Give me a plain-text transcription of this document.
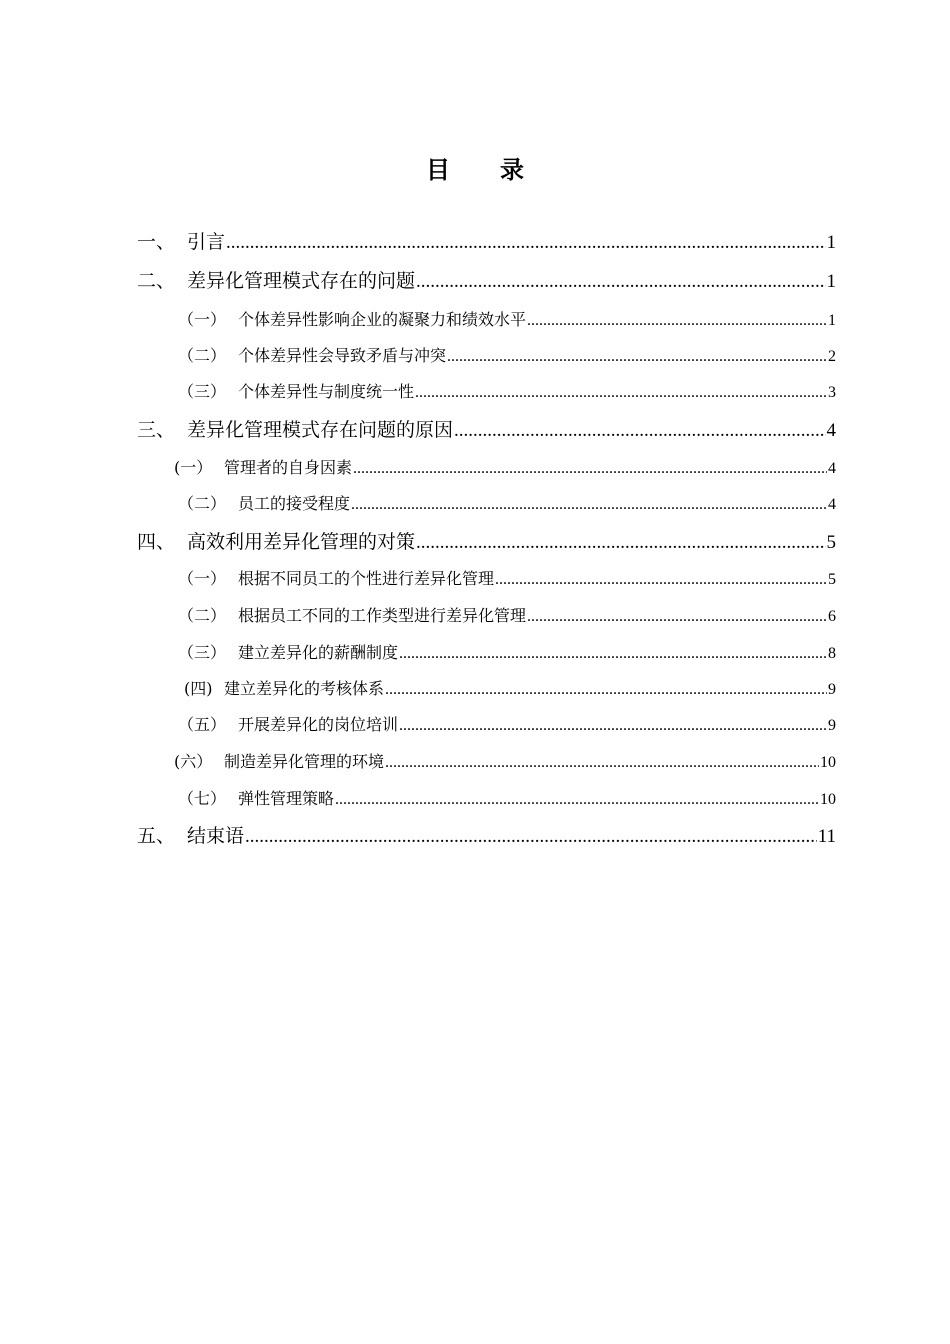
目 录
一、 引言 .....	1
二、 差异化管理模式存在的问题 .....	1
（一） 个体差异性影响企业的凝聚力和绩效水平 .....	1
（二） 个体差异性会导致矛盾与冲突 .....	2
（三） 个体差异性与制度统一性 .....	3
三、 差异化管理模式存在问题的原因 .....	4
(一） 管理者的自身因素 .....	4
（二） 员工的接受程度 .....	4
四、 高效利用差异化管理的对策 .....	5
（一） 根据不同员工的个性进行差异化管理 .....	5
（二） 根据员工不同的工作类型进行差异化管理 .....	6
（三） 建立差异化的薪酬制度 .....	8
(四) 建立差异化的考核体系 .....	9
（五） 开展差异化的岗位培训 .....	9
(六） 制造差异化管理的环境 .....	10
（七） 弹性管理策略 .....	10
五、 结束语 .....	11
